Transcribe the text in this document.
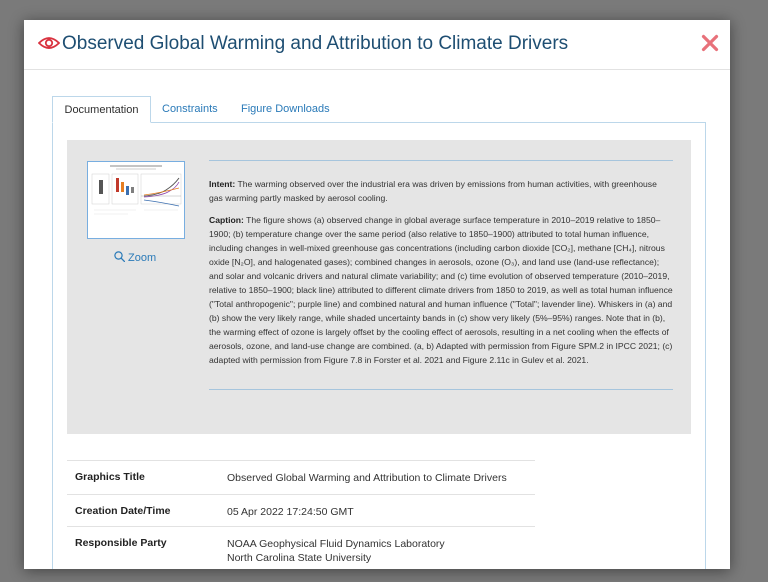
Observed Global Warming and Attribution to Climate Drivers
Documentation	Constraints Figure Downloads
Zoom

Intent: The warming observed over the industrial era was driven by emissions from human activities, with greenhouse gas warming partly masked by aerosol cooling.

Caption: The figure shows (a) observed change in global average surface temperature in 2010–2019 relative to 1850–1900; (b) temperature change over the same period (also relative to 1850–1900) attributed to total human influence, including changes in well-mixed greenhouse gas concentrations (including carbon dioxide [CO₂], methane [CH₄], nitrous oxide [N₂O], and halogenated gases); combined changes in aerosols, ozone (O₃), and land use (land-use reflectance); and solar and volcanic drivers and natural climate variability; and (c) time evolution of observed temperature (2010–2019, relative to 1850–1900; black line) attributed to different climate drivers from 1850 to 2019, as well as total human influence ("Total anthropogenic"; purple line) and combined natural and human influence ("Total"; lavender line). Whiskers in (a) and (b) show the very likely range, while shaded uncertainty bands in (c) show very likely (5%–95%) ranges. Note that in (b), the warming effect of ozone is largely offset by the cooling effect of aerosols, resulting in a net cooling when the effects of aerosols, ozone, and land-use change are combined. (a, b) Adapted with permission from Figure SPM.2 in IPCC 2021; (c) adapted with permission from Figure 7.8 in Forster et al. 2021 and Figure 2.11c in Gulev et al. 2021.

Graphics Title	Observed Global Warming and Attribution to Climate Drivers
Creation Date/Time	05 Apr 2022 17:24:50 GMT
Responsible Party	NOAA Geophysical Fluid Dynamics Laboratory
North Carolina State University
